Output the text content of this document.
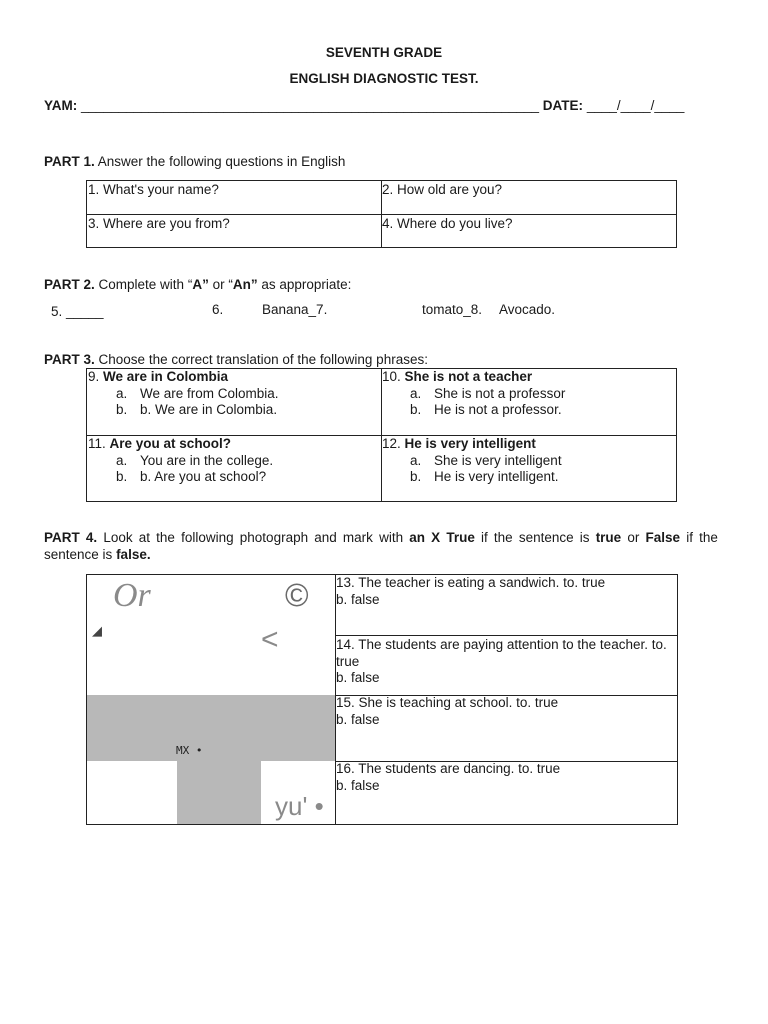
SEVENTH GRADE
ENGLISH DIAGNOSTIC TEST.
YAM: _____________________________________________________________ DATE: ____/____/____
PART 1. Answer the following questions in English
1. What's your name?	2. How old are you?
3. Where are you from?	4. Where do you live?
PART 2. Complete with “A” or “An” as appropriate:
5. _____	6.	Banana_7.	tomato_8. Avocado.
PART 3. Choose the correct translation of the following phrases:
9. We are in Colombia
a. We are from Colombia.
b. b. We are in Colombia.
10. She is not a teacher
a. She is not a professor
b. He is not a professor.
11. Are you at school?
a. You are in the college.
b. b. Are you at school?
12. He is very intelligent
a. She is very intelligent
b. He is very intelligent.
PART 4. Look at the following photograph and mark with an X True if the sentence is true or False if the sentence is false.
Or	©
◢	<
MX •
yu' •
13. The teacher is eating a sandwich. to. true
b. false
14. The students are paying attention to the teacher. to. true
b. false
15. She is teaching at school. to. true
b. false
16. The students are dancing. to. true
b. false
